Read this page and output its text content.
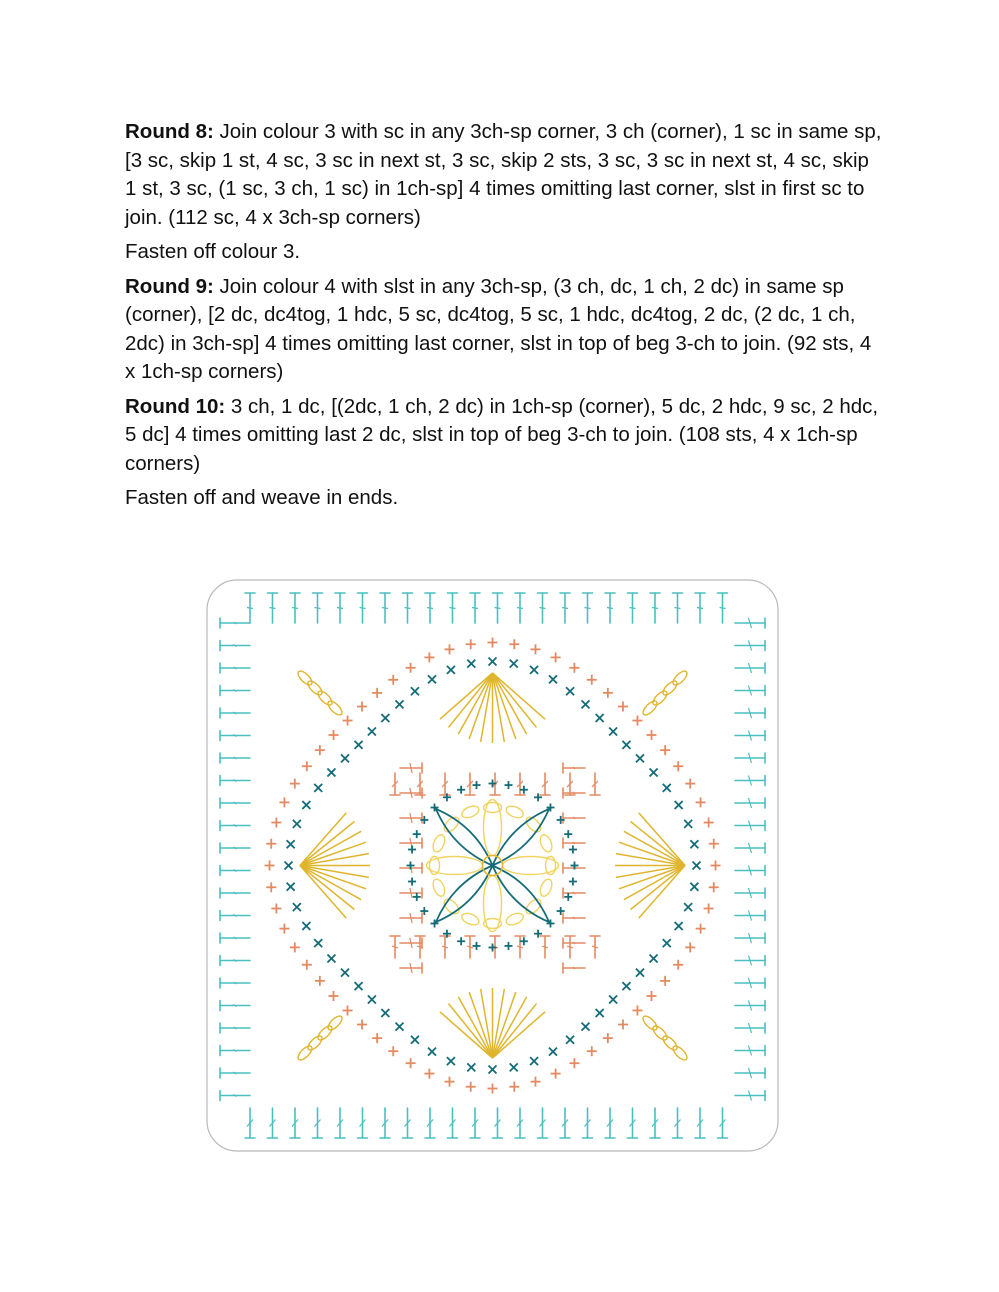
Round 8: Join colour 3 with sc in any 3ch-sp corner, 3 ch (corner), 1 sc in same sp, [3 sc, skip 1 st, 4 sc, 3 sc in next st, 3 sc, skip 2 sts, 3 sc, 3 sc in next st, 4 sc, skip 1 st, 3 sc, (1 sc, 3 ch, 1 sc) in 1ch-sp] 4 times omitting last corner, slst in first sc to join. (112 sc, 4 x 3ch-sp corners)

Fasten off colour 3.

Round 9: Join colour 4 with slst in any 3ch-sp, (3 ch, dc, 1 ch, 2 dc) in same sp (corner), [2 dc, dc4tog, 1 hdc, 5 sc, dc4tog, 5 sc, 1 hdc, dc4tog, 2 dc, (2 dc, 1 ch, 2dc) in 3ch-sp] 4 times omitting last corner, slst in top of beg 3-ch to join. (92 sts, 4 x 1ch-sp corners)

Round 10: 3 ch, 1 dc, [(2dc, 1 ch, 2 dc) in 1ch-sp (corner), 5 dc, 2 hdc, 9 sc, 2 hdc, 5 dc] 4 times omitting last 2 dc, slst in top of beg 3-ch to join. (108 sts, 4 x 1ch-sp corners)

Fasten off and weave in ends.
